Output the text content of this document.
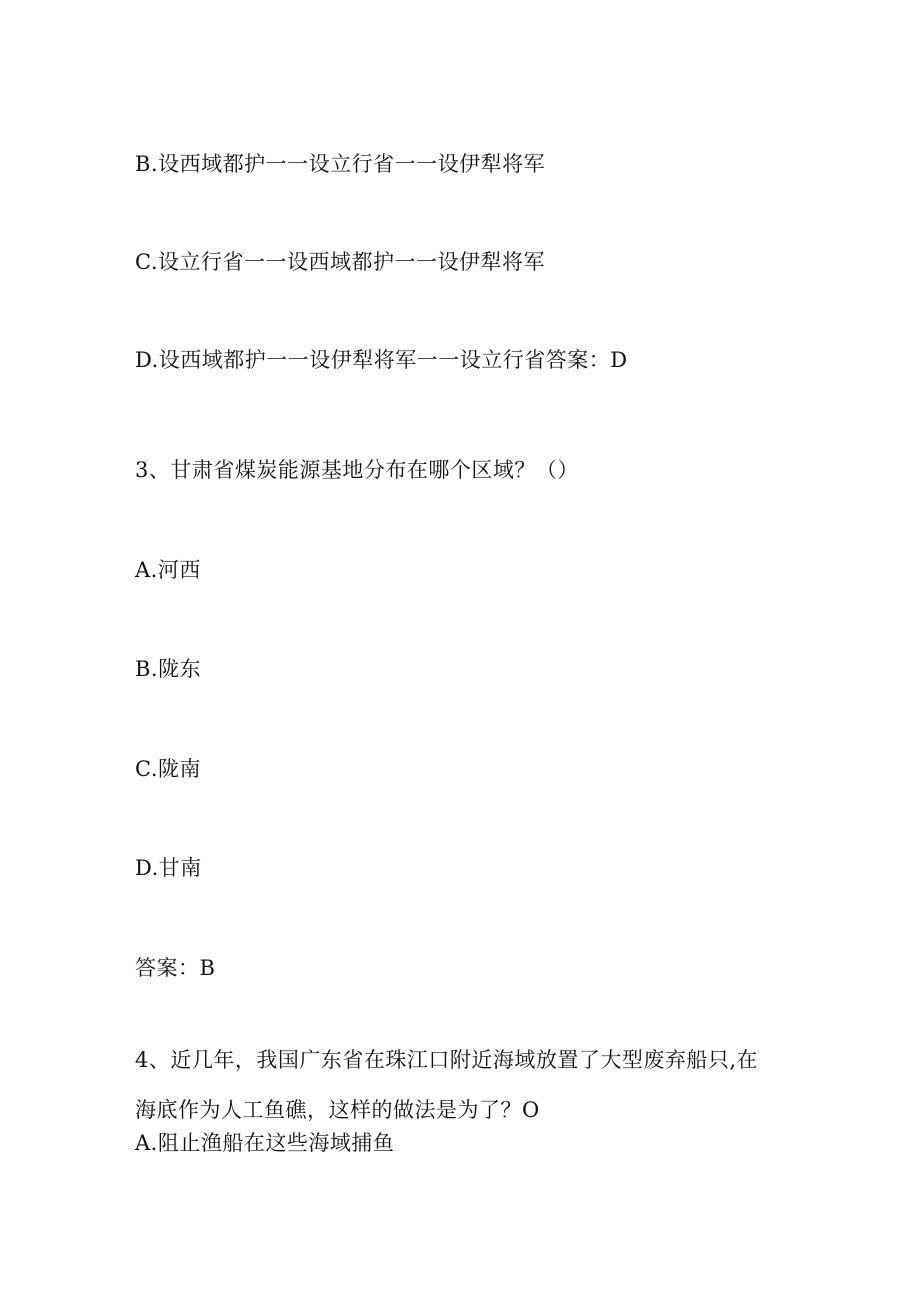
B.设西域都护一一设立行省一一设伊犁将军
C.设立行省一一设西域都护一一设伊犁将军
D.设西域都护一一设伊犁将军一一设立行省答案：D
3、甘肃省煤炭能源基地分布在哪个区域？（）
A.河西
B.陇东
C.陇南
D.甘南
答案：B
4、近几年，我国广东省在珠江口附近海域放置了大型废弃船只,在
海底作为人工鱼礁，这样的做法是为了？O
A.阻止渔船在这些海域捕鱼
